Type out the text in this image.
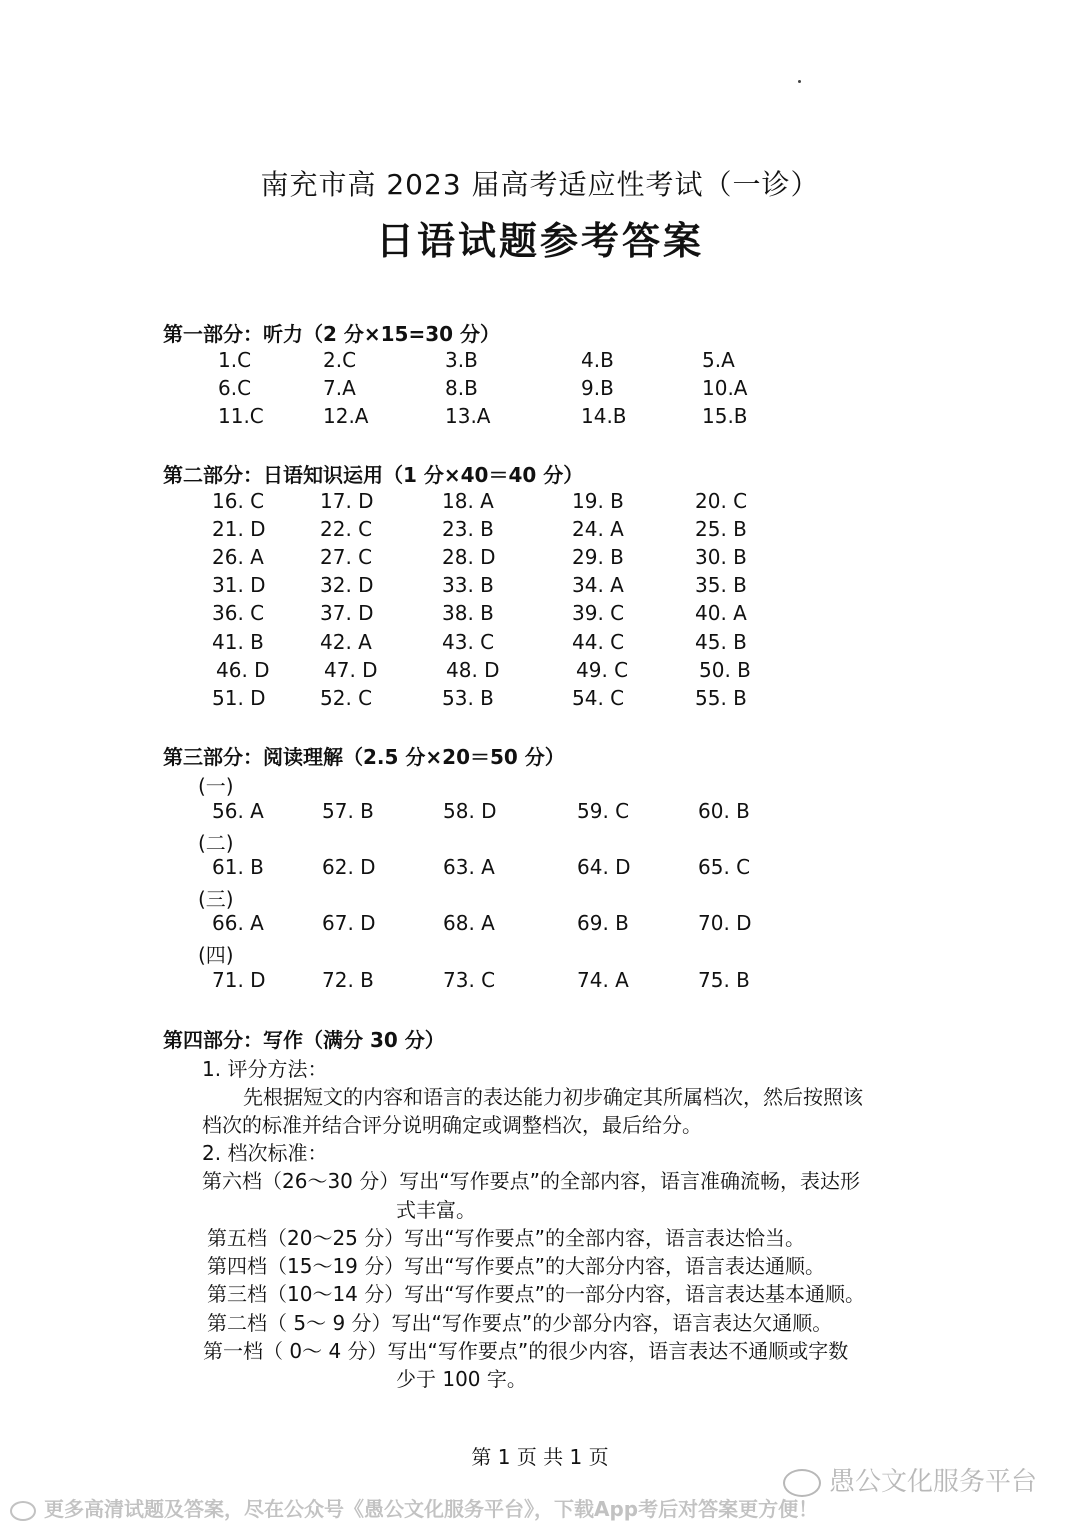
南充市高 2023 届高考适应性考试（一诊）
日语试题参考答案
第一部分：听力（2 分×15=30 分）
1.C	2.C	3.B	4.B	5.A
6.C	7.A	8.B	9.B	10.A
11.C	12.A	13.A	14.B	15.B
第二部分：日语知识运用（1 分×40＝40 分）
16. C	17. D	18. A	19. B	20. C
21. D	22. C	23. B	24. A	25. B
26. A	27. C	28. D	29. B	30. B
31. D	32. D	33. B	34. A	35. B
36. C	37. D	38. B	39. C	40. A
41. B	42. A	43. C	44. C	45. B
46. D	47. D	48. D	49. C	50. B
51. D	52. C	53. B	54. C	55. B
第三部分：阅读理解（2.5 分×20＝50 分）
(一)
56. A	57. B	58. D	59. C	60. B
(二)
61. B	62. D	63. A	64. D	65. C
(三)
66. A	67. D	68. A	69. B	70. D
(四)
71. D	72. B	73. C	74. A	75. B
第四部分：写作（满分 30 分）
1. 评分方法：
先根据短文的内容和语言的表达能力初步确定其所属档次，然后按照该
档次的标准并结合评分说明确定或调整档次，最后给分。
2. 档次标准：
第六档（26～30 分）写出“写作要点”的全部内容，语言准确流畅，表达形
式丰富。
第五档（20～25 分）写出“写作要点”的全部内容，语言表达恰当。
第四档（15～19 分）写出“写作要点”的大部分内容，语言表达通顺。
第三档（10～14 分）写出“写作要点”的一部分内容，语言表达基本通顺。
第二档（ 5～ 9 分）写出“写作要点”的少部分内容，语言表达欠通顺。
第一档（ 0～ 4 分）写出“写作要点”的很少内容，语言表达不通顺或字数
少于 100 字。
第 1 页 共 1 页
愚公文化服务平台
更多高清试题及答案，尽在公众号《愚公文化服务平台》，下载App考后对答案更方便！
